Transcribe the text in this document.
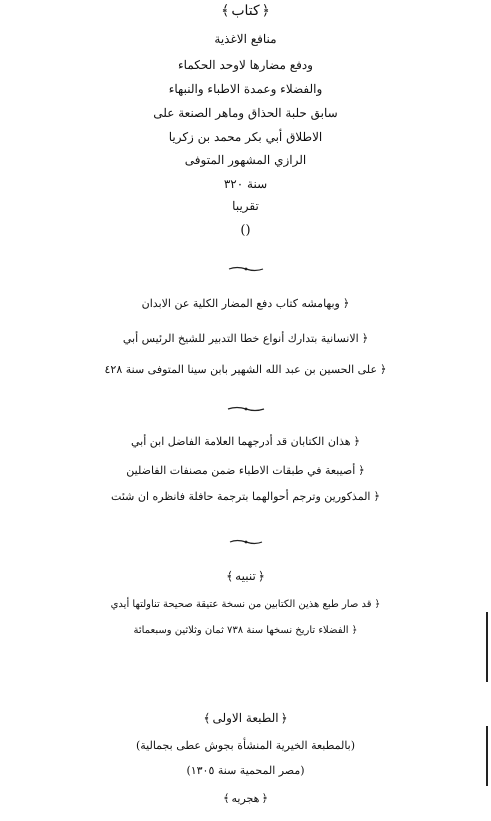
﴿ كتاب ﴾
منافع الاغذية
ودفع مضارها لاوحد الحكماء
والفضلاء وعمدة الاطباء والنبهاء
سابق حلبة الحذاق وماهر الصنعة على
الاطلاق أبي بكر محمد بن زكريا
الرازي المشهور المتوفى
سنة ٣٢٠
تقريبا
()
﴿ وبهامشه كتاب دفع المضار الكلية عن الابدان
﴿ الانسانية بتدارك أنواع خطا التدبير للشيخ الرئيس أبي
﴿ على الحسين بن عبد الله الشهير بابن سينا المتوفى سنة ٤٢٨
﴿ هذان الكتابان قد أدرجهما العلامة الفاضل ابن أبي
﴿ أصيبعة في طبقات الاطباء ضمن مصنفات الفاضلين
﴿ المذكورين وترجم أحوالهما بترجمة حافلة فانظره ان شئت
﴿ تنبيه ﴾
﴿ قد صار طبع هذين الكتابين من نسخة عتيقة صحيحة تناولتها أيدي
﴿ الفضلاء تاريخ نسخها سنة ٧٣٨ ثمان وثلاثين وسبعمائة
﴿ الطبعة الاولى ﴾
(بالمطبعة الخيرية المنشأة بجوش عطى بجمالية)
(مصر المحمية سنة ١٣٠٥)
﴿ هجريه ﴾
